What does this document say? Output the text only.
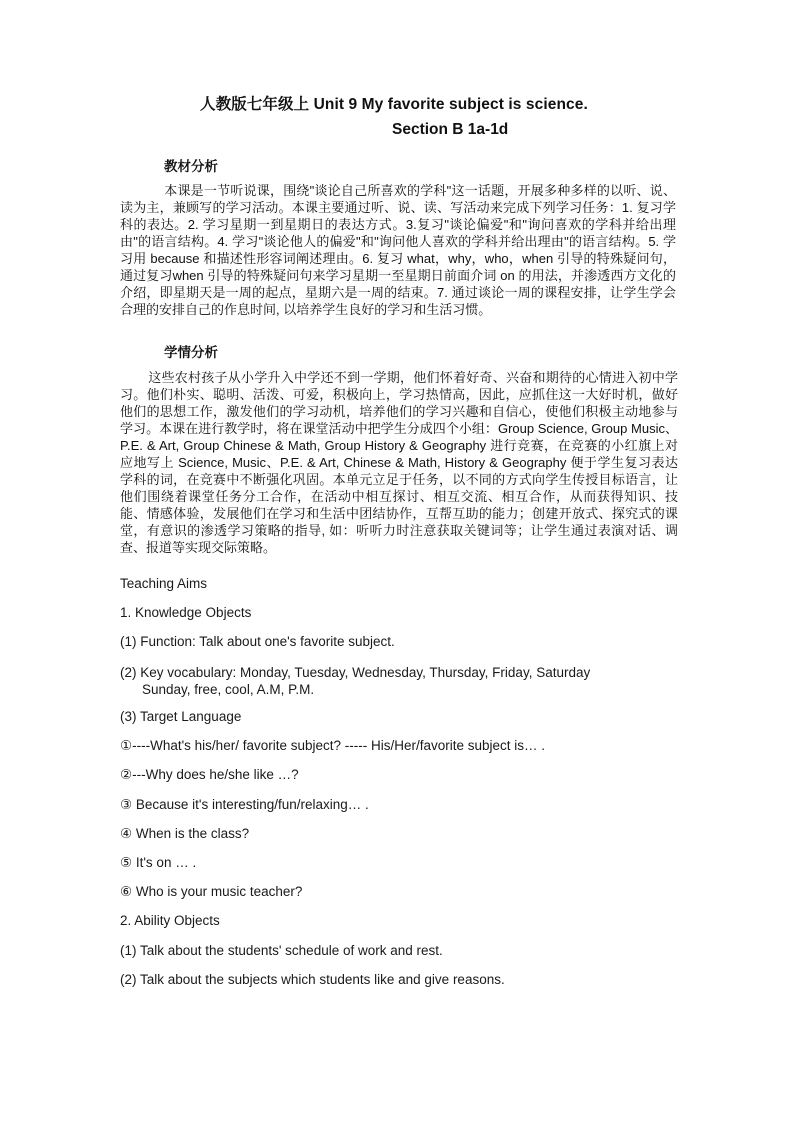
人教版七年级上 Unit 9 My favorite subject is science.
Section B 1a-1d
教材分析
本课是一节听说课，围绕"谈论自己所喜欢的学科"这一话题，开展多种多样的以听、说、读为主，兼顾写的学习活动。本课主要通过听、说、读、写活动来完成下列学习任务：1. 复习学科的表达。2. 学习星期一到星期日的表达方式。3.复习"谈论偏爱"和"询问喜欢的学科并给出理由"的语言结构。4. 学习"谈论他人的偏爱"和"询问他人喜欢的学科并给出理由"的语言结构。5. 学习用 because 和描述性形容词阐述理由。6. 复习 what，why，who，when 引导的特殊疑问句，通过复习when 引导的特殊疑问句来学习星期一至星期日前面介词 on 的用法，并渗透西方文化的介绍，即星期天是一周的起点，星期六是一周的结束。7. 通过谈论一周的课程安排，让学生学会合理的安排自己的作息时间, 以培养学生良好的学习和生活习惯。
学情分析
这些农村孩子从小学升入中学还不到一学期，他们怀着好奇、兴奋和期待的心情进入初中学习。他们朴实、聪明、活泼、可爱，积极向上，学习热情高，因此，应抓住这一大好时机，做好他们的思想工作，激发他们的学习动机，培养他们的学习兴趣和自信心，使他们积极主动地参与学习。本课在进行教学时，将在课堂活动中把学生分成四个小组：Group Science, Group Music、P.E. & Art, Group Chinese & Math, Group History & Geography 进行竞赛，在竞赛的小红旗上对应地写上 Science, Music、P.E. & Art, Chinese & Math, History & Geography 便于学生复习表达学科的词，在竞赛中不断强化巩固。本单元立足于任务，以不同的方式向学生传授目标语言，让他们围绕着课堂任务分工合作，在活动中相互探讨、相互交流、相互合作，从而获得知识、技能、情感体验，发展他们在学习和生活中团结协作，互帮互助的能力；创建开放式、探究式的课堂，有意识的渗透学习策略的指导, 如：听听力时注意获取关键词等；让学生通过表演对话、调查、报道等实现交际策略。
Teaching Aims
1. Knowledge Objects
(1) Function: Talk about one's favorite subject.
(2) Key vocabulary: Monday, Tuesday, Wednesday, Thursday, Friday, Saturday
Sunday, free, cool, A.M, P.M.
(3) Target Language
①----What's his/her/ favorite subject? ----- His/Her/favorite subject is… .
②---Why does he/she like …?
③ Because it's interesting/fun/relaxing… .
④ When is the class?
⑤ It's on … .
⑥ Who is your music teacher?
2. Ability Objects
(1) Talk about the students' schedule of work and rest.
(2) Talk about the subjects which students like and give reasons.
